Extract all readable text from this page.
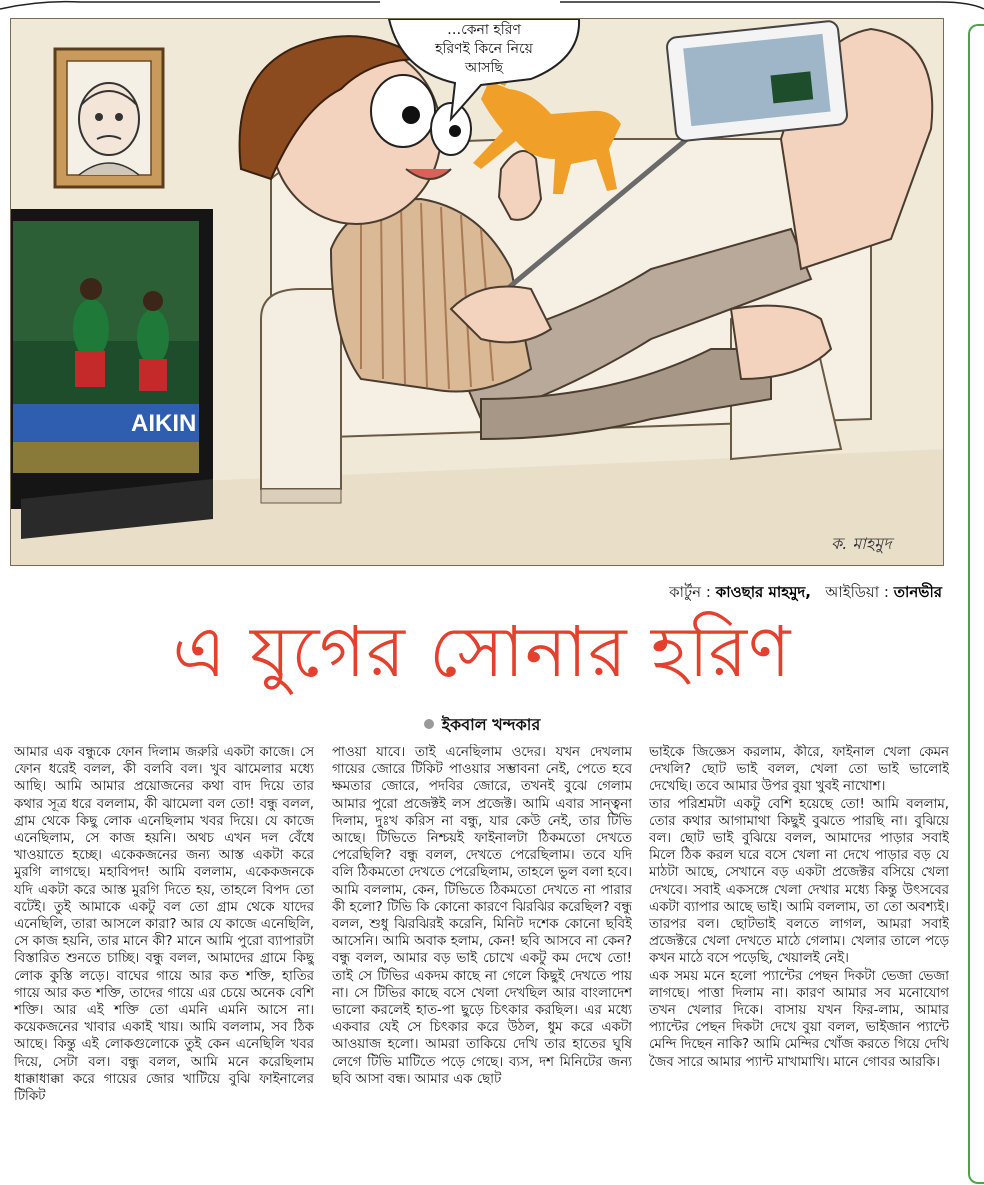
AIKIN
ক. মাহমুদ
…কেনা হরিণ
হরিণই কিনে নিয়ে
আসছি
কার্টুন : কাওছার মাহমুদ, আইডিয়া : তানভীর
এ যুগের সোনার হরিণ
ইকবাল খন্দকার

আমার এক বন্ধুকে ফোন দিলাম জরুরি একটা কাজে। সে ফোন ধরেই বলল, কী বলবি বল। খুব ঝামেলার মধ্যে আছি। আমি আমার প্রয়োজনের কথা বাদ দিয়ে তার কথার সূত্র ধরে বললাম, কী ঝামেলা বল তো! বন্ধু বলল, গ্রাম থেকে কিছু লোক এনেছিলাম খবর দিয়ে। যে কাজে এনেছিলাম, সে কাজ হয়নি। অথচ এখন দল বেঁধে খাওয়াতে হচ্ছে। একেকজনের জন্য আস্ত একটা করে মুরগি লাগছে। মহাবিপদ! আমি বললাম, একেকজনকে যদি একটা করে আস্ত মুরগি দিতে হয়, তাহলে বিপদ তো বটেই। তুই আমাকে একটু বল তো গ্রাম থেকে যাদের এনেছিলি, তারা আসলে কারা? আর যে কাজে এনেছিলি, সে কাজ হয়নি, তার মানে কী? মানে আমি পুরো ব্যাপারটা বিস্তারিত শুনতে চাচ্ছি। বন্ধু বলল, আমাদের গ্রামে কিছু লোক কুস্তি লড়ে। বাঘের গায়ে আর কত শক্তি, হাতির গায়ে আর কত শক্তি, তাদের গায়ে এর চেয়ে অনেক বেশি শক্তি। আর এই শক্তি তো এমনি এমনি আসে না। কয়েকজনের খাবার একাই খায়। আমি বললাম, সব ঠিক আছে। কিন্তু এই লোকগুলোকে তুই কেন এনেছিলি খবর দিয়ে, সেটা বল। বন্ধু বলল, আমি মনে করেছিলাম ধাক্কাধাক্কা করে গায়ের জোর খাটিয়ে বুঝি ফাইনালের টিকিট

পাওয়া যাবে। তাই এনেছিলাম ওদের। যখন দেখলাম গায়ের জোরে টিকিট পাওয়ার সম্ভাবনা নেই, পেতে হবে ক্ষমতার জোরে, পদবির জোরে, তখনই বুঝে গেলাম আমার পুরো প্রজেক্টই লস প্রজেক্ট। আমি এবার সান্ত্বনা দিলাম, দুঃখ করিস না বন্ধু, যার কেউ নেই, তার টিভি আছে। টিভিতে নিশ্চয়ই ফাইনালটা ঠিকমতো দেখতে পেরেছিলি? বন্ধু বলল, দেখতে পেরেছিলাম। তবে যদি বলি ঠিকমতো দেখতে পেরেছিলাম, তাহলে ভুল বলা হবে। আমি বললাম, কেন, টিভিতে ঠিকমতো দেখতে না পারার কী হলো? টিভি কি কোনো কারণে ঝিরঝির করেছিল? বন্ধু বলল, শুধু ঝিরঝিরই করেনি, মিনিট দশেক কোনো ছবিই আসেনি। আমি অবাক হলাম, কেন! ছবি আসবে না কেন? বন্ধু বলল, আমার বড় ভাই চোখে একটু কম দেখে তো! তাই সে টিভির একদম কাছে না গেলে কিছুই দেখতে পায় না। সে টিভির কাছে বসে খেলা দেখছিল আর বাংলাদেশ ভালো করলেই হাত-পা ছুড়ে চিৎকার করছিল। এর মধ্যে একবার যেই সে চিৎকার করে উঠল, ধুম করে একটা আওয়াজ হলো। আমরা তাকিয়ে দেখি তার হাতের ঘুষি লেগে টিভি মাটিতে পড়ে গেছে। ব্যস, দশ মিনিটের জন্য ছবি আসা বন্ধ। আমার এক ছোট

ভাইকে জিজ্ঞেস করলাম, কীরে, ফাইনাল খেলা কেমন দেখলি? ছোট ভাই বলল, খেলা তো ভাই ভালোই দেখেছি। তবে আমার উপর বুয়া খুবই নাখোশ।

তার পরিশ্রমটা একটু বেশি হয়েছে তো! আমি বললাম, তোর কথার আগামাথা কিছুই বুঝতে পারছি না। বুঝিয়ে বল। ছোট ভাই বুঝিয়ে বলল, আমাদের পাড়ার সবাই মিলে ঠিক করল ঘরে বসে খেলা না দেখে পাড়ার বড় যে মাঠটা আছে, সেখানে বড় একটা প্রজেক্টর বসিয়ে খেলা দেখবে। সবাই একসঙ্গে খেলা দেখার মধ্যে কিন্তু উৎসবের একটা ব্যাপার আছে ভাই। আমি বললাম, তা তো অবশ্যই। তারপর বল। ছোটভাই বলতে লাগল, আমরা সবাই প্রজেক্টরে খেলা দেখতে মাঠে গেলাম। খেলার তালে পড়ে কখন মাঠে বসে পড়েছি, খেয়ালই নেই।

এক সময় মনে হলো প্যান্টের পেছন দিকটা ভেজা ভেজা লাগছে। পাত্তা দিলাম না। কারণ আমার সব মনোযোগ তখন খেলার দিকে। বাসায় যখন ফির-লাম, আমার প্যান্টের পেছন দিকটা দেখে বুয়া বলল, ভাইজান প্যান্টে মেন্দি দিছেন নাকি? আমি মেন্দির খোঁজ করতে গিয়ে দেখি জৈব সারে আমার প্যান্ট মাখামাখি। মানে গোবর আরকি।
